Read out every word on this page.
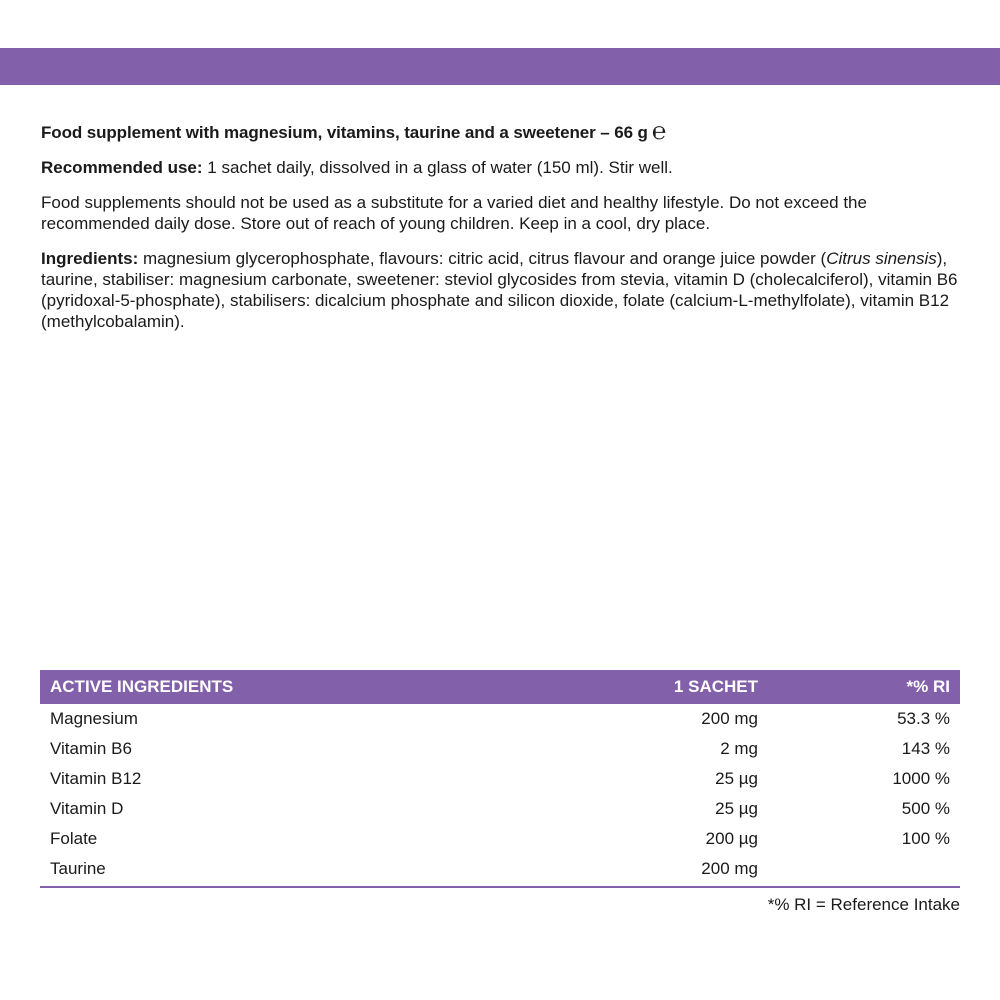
Food supplement with magnesium, vitamins, taurine and a sweetener – 66 g ℮

Recommended use: 1 sachet daily, dissolved in a glass of water (150 ml). Stir well.

Food supplements should not be used as a substitute for a varied diet and healthy lifestyle. Do not exceed the recommended daily dose. Store out of reach of young children. Keep in a cool, dry place.

Ingredients: magnesium glycerophosphate, flavours: citric acid, citrus flavour and orange juice powder (Citrus sinensis), taurine, stabiliser: magnesium carbonate, sweetener: steviol glycosides from stevia, vitamin D (cholecalciferol), vitamin B6 (pyridoxal-5-phosphate), stabilisers: dicalcium phosphate and silicon dioxide, folate (calcium-L-methylfolate), vitamin B12 (methylcobalamin).

ACTIVE INGREDIENTS	1 SACHET	*% RI
Magnesium	200 mg	53.3 %
Vitamin B6	2 mg	143 %
Vitamin B12	25 µg	1000 %
Vitamin D	25 µg	500 %
Folate	200 µg	100 %
Taurine	200 mg
*% RI = Reference Intake
